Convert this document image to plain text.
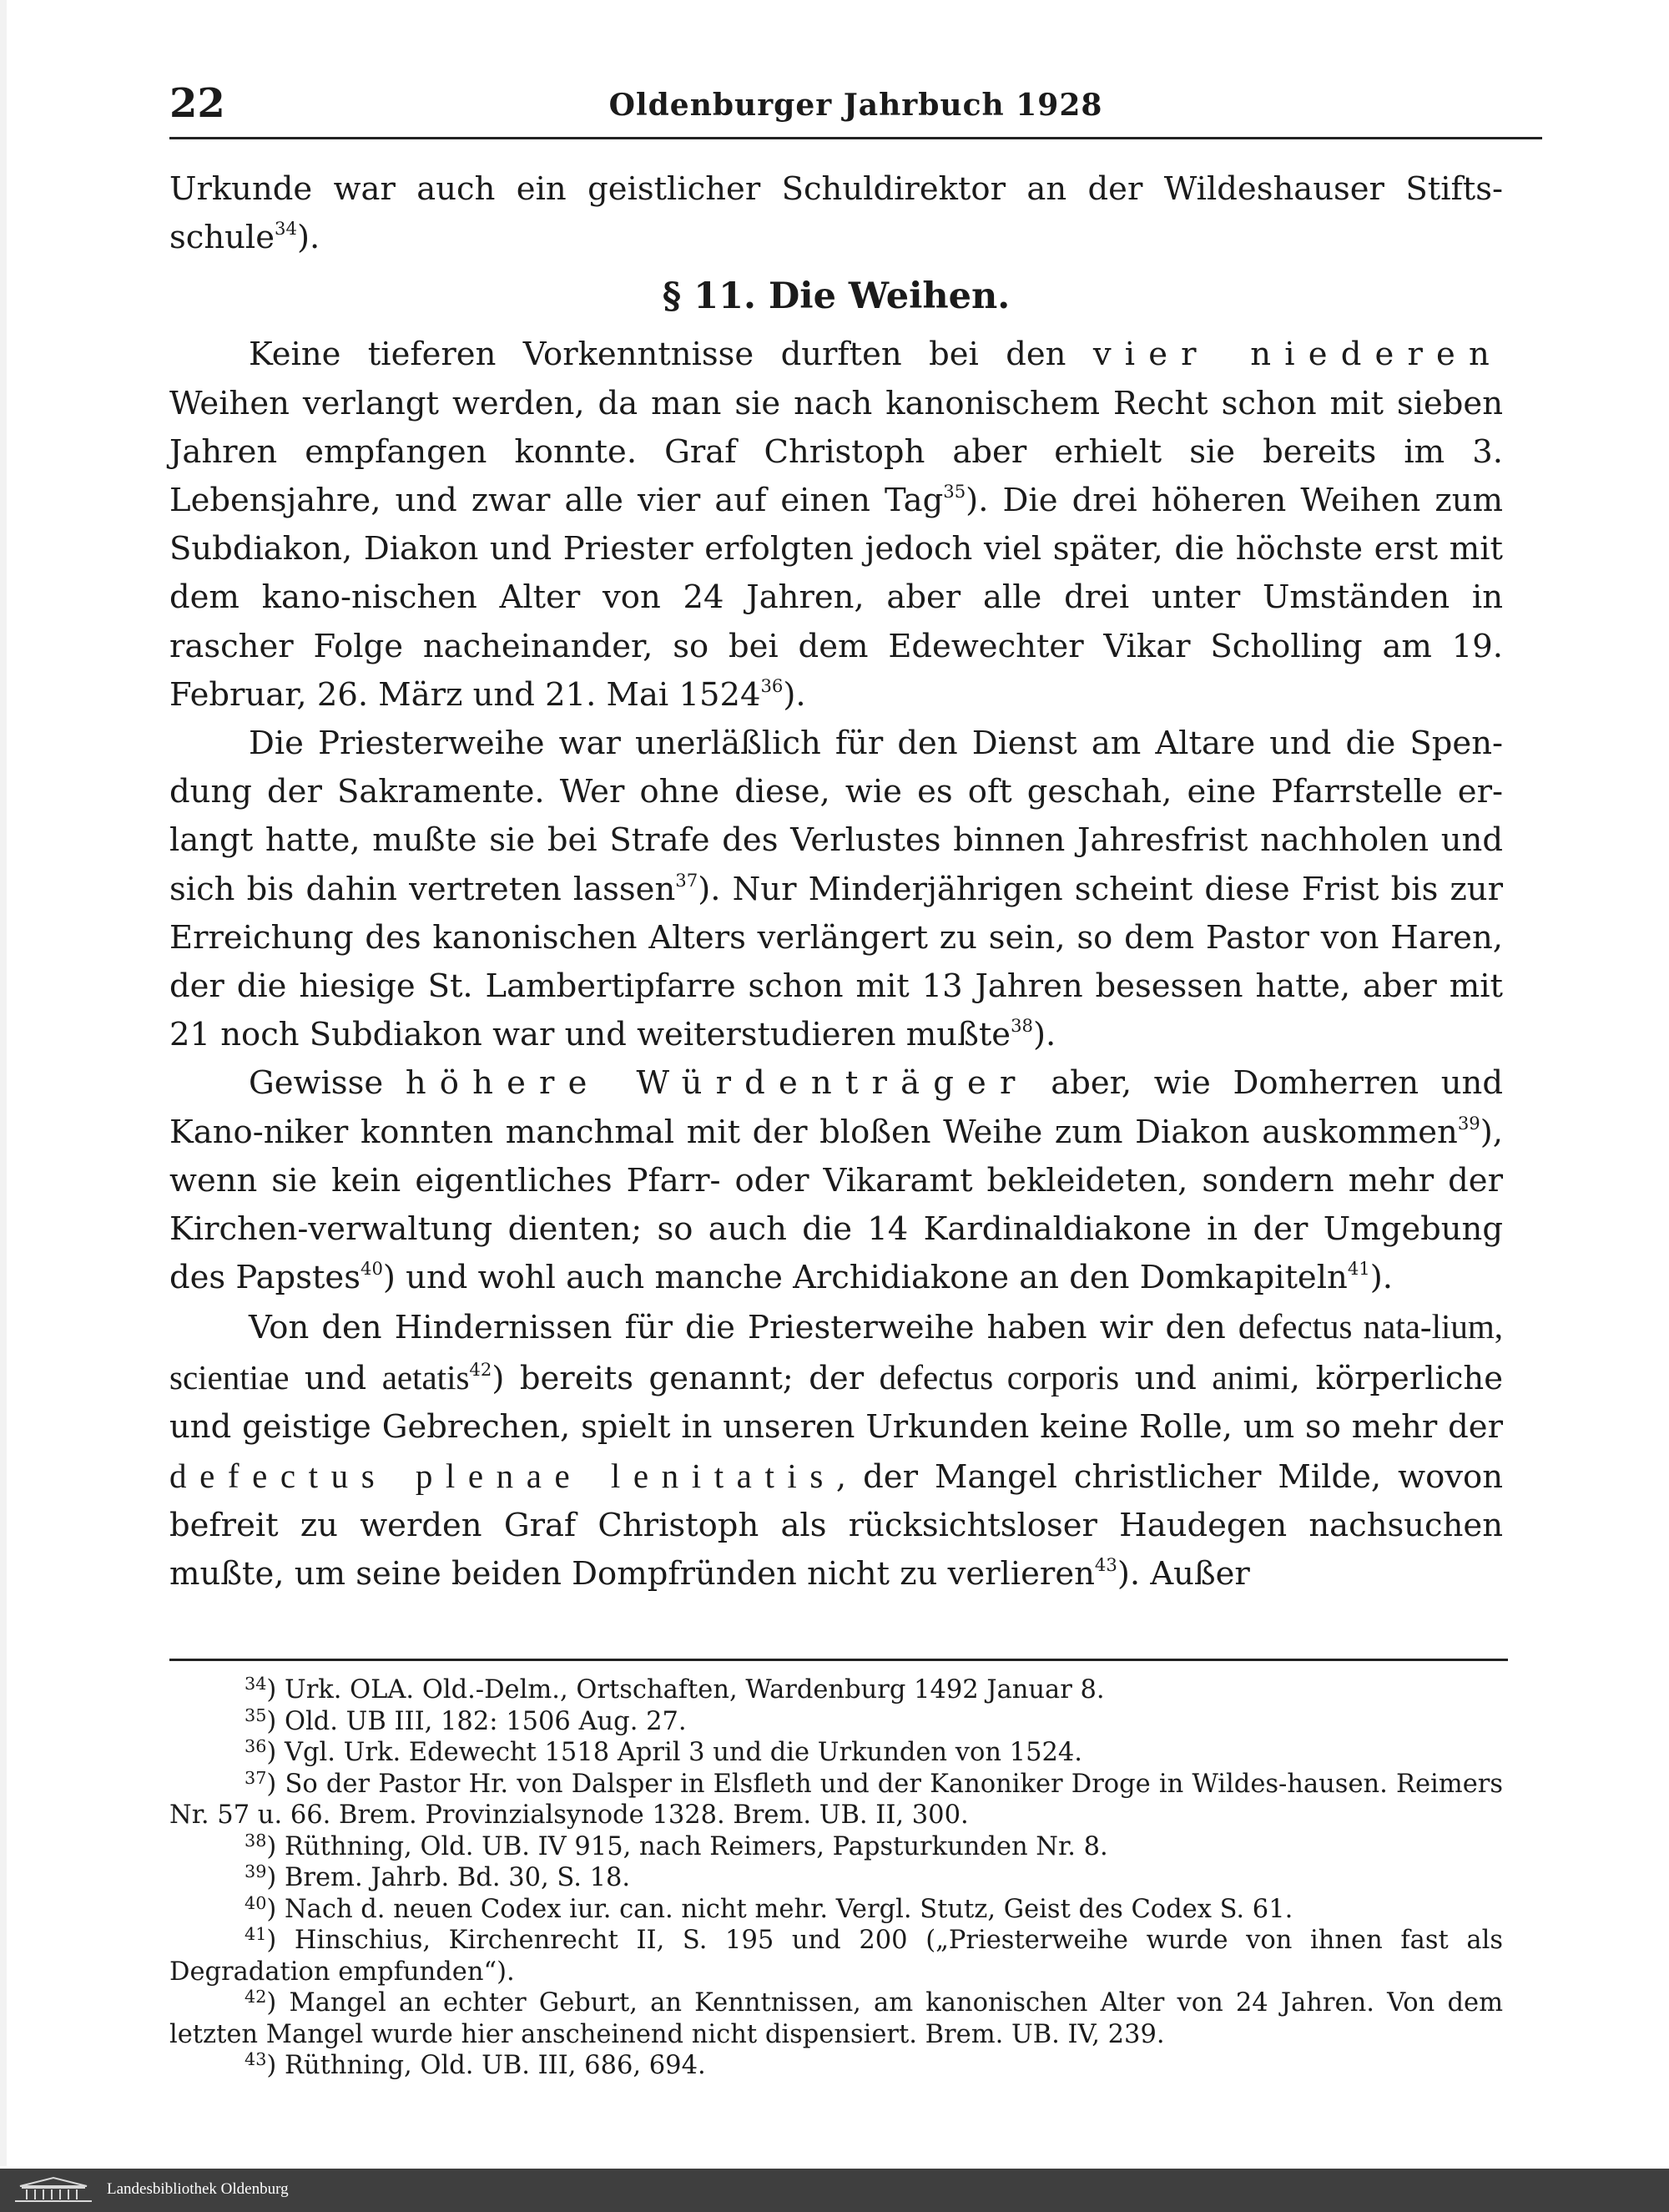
22	Oldenburger Jahrbuch 1928

Urkunde war auch ein geistlicher Schuldirektor an der Wildeshauser Stifts-schule$^{34}$).

§ 11. Die Weihen.

Keine tieferen Vorkenntnisse durften bei den vier niederen Weihen verlangt werden, da man sie nach kanonischem Recht schon mit sieben Jahren empfangen konnte. Graf Christoph aber erhielt sie bereits im 3. Lebensjahre, und zwar alle vier auf einen Tag$^{35}$). Die drei höheren Weihen zum Subdiakon, Diakon und Priester erfolgten jedoch viel später, die höchste erst mit dem kano-nischen Alter von 24 Jahren, aber alle drei unter Umständen in rascher Folge nacheinander, so bei dem Edewechter Vikar Scholling am 19. Februar, 26. März und 21. Mai 1524$^{36}$).

Die Priesterweihe war unerläßlich für den Dienst am Altare und die Spen-dung der Sakramente. Wer ohne diese, wie es oft geschah, eine Pfarrstelle er-langt hatte, mußte sie bei Strafe des Verlustes binnen Jahresfrist nachholen und sich bis dahin vertreten lassen$^{37}$). Nur Minderjährigen scheint diese Frist bis zur Erreichung des kanonischen Alters verlängert zu sein, so dem Pastor von Haren, der die hiesige St. Lambertipfarre schon mit 13 Jahren besessen hatte, aber mit 21 noch Subdiakon war und weiterstudieren mußte$^{38}$).

Gewisse höhere Würdenträger aber, wie Domherren und Kano-niker konnten manchmal mit der bloßen Weihe zum Diakon auskommen$^{39}$), wenn sie kein eigentliches Pfarr- oder Vikaramt bekleideten, sondern mehr der Kirchen-verwaltung dienten; so auch die 14 Kardinaldiakone in der Umgebung des Papstes$^{40}$) und wohl auch manche Archidiakone an den Domkapiteln$^{41}$).

Von den Hindernissen für die Priesterweihe haben wir den defectus nata-lium, scientiae und aetatis$^{42}$) bereits genannt; der defectus corporis und animi, körperliche und geistige Gebrechen, spielt in unseren Urkunden keine Rolle, um so mehr der defectus plenae lenitatis, der Mangel christlicher Milde, wovon befreit zu werden Graf Christoph als rücksichtsloser Haudegen nachsuchen mußte, um seine beiden Dompfründen nicht zu verlieren$^{43}$). Außer

$^{34}$) Urk. OLA. Old.-Delm., Ortschaften, Wardenburg 1492 Januar 8.

$^{35}$) Old. UB III, 182: 1506 Aug. 27.

$^{36}$) Vgl. Urk. Edewecht 1518 April 3 und die Urkunden von 1524.

$^{37}$) So der Pastor Hr. von Dalsper in Elsfleth und der Kanoniker Droge in Wildes-hausen. Reimers Nr. 57 u. 66. Brem. Provinzialsynode 1328. Brem. UB. II, 300.

$^{38}$) Rüthning, Old. UB. IV 915, nach Reimers, Papsturkunden Nr. 8.

$^{39}$) Brem. Jahrb. Bd. 30, S. 18.

$^{40}$) Nach d. neuen Codex iur. can. nicht mehr. Vergl. Stutz, Geist des Codex S. 61.

$^{41}$) Hinschius, Kirchenrecht II, S. 195 und 200 („Priesterweihe wurde von ihnen fast als Degradation empfunden“).

$^{42}$) Mangel an echter Geburt, an Kenntnissen, am kanonischen Alter von 24 Jahren. Von dem letzten Mangel wurde hier anscheinend nicht dispensiert. Brem. UB. IV, 239.

$^{43}$) Rüthning, Old. UB. III, 686, 694.

Landesbibliothek Oldenburg
